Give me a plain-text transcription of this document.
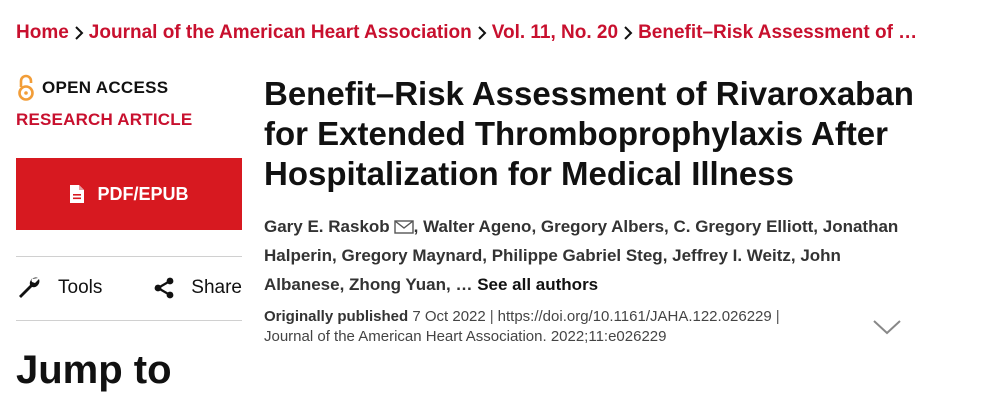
Home Journal of the American Heart Association Vol. 11, No. 20 Benefit–Risk Assessment of …
OPEN ACCESS
RESEARCH ARTICLE
PDF/EPUB
Tools	Share
Jump to
Benefit–Risk Assessment of Rivaroxaban for Extended Thromboprophylaxis After Hospitalization for Medical Illness
Gary E. Raskob , Walter Ageno, Gregory Albers, C. Gregory Elliott, Jonathan Halperin, Gregory Maynard, Philippe Gabriel Steg, Jeffrey I. Weitz, John Albanese, Zhong Yuan, … See all authors
Originally published 7 Oct 2022 | https://doi.org/10.1161/JAHA.122.026229 |
Journal of the American Heart Association. 2022;11:e026229
